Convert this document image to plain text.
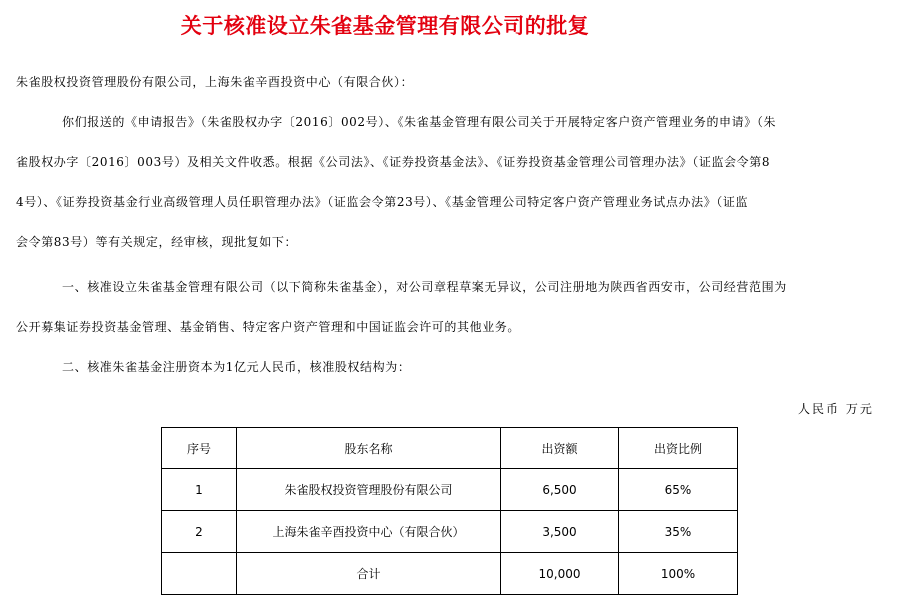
关于核准设立朱雀基金管理有限公司的批复
朱雀股权投资管理股份有限公司，上海朱雀辛酉投资中心（有限合伙）：
你们报送的《申请报告》（朱雀股权办字〔2016〕002号）、《朱雀基金管理有限公司关于开展特定客户资产管理业务的申请》（朱
雀股权办字〔2016〕003号）及相关文件收悉。根据《公司法》、《证券投资基金法》、《证券投资基金管理公司管理办法》（证监会令第8
4号）、《证券投资基金行业高级管理人员任职管理办法》（证监会令第23号）、《基金管理公司特定客户资产管理业务试点办法》（证监
会令第83号）等有关规定，经审核，现批复如下：
一、核准设立朱雀基金管理有限公司（以下简称朱雀基金），对公司章程草案无异议，公司注册地为陕西省西安市，公司经营范围为
公开募集证券投资基金管理、基金销售、特定客户资产管理和中国证监会许可的其他业务。
二、核准朱雀基金注册资本为1亿元人民币，核准股权结构为：
人民币 万元
序号	股东名称	出资额	出资比例
1	朱雀股权投资管理股份有限公司	6,500	65%
2	上海朱雀辛酉投资中心（有限合伙）	3,500	35%
	合计	10,000	100%
